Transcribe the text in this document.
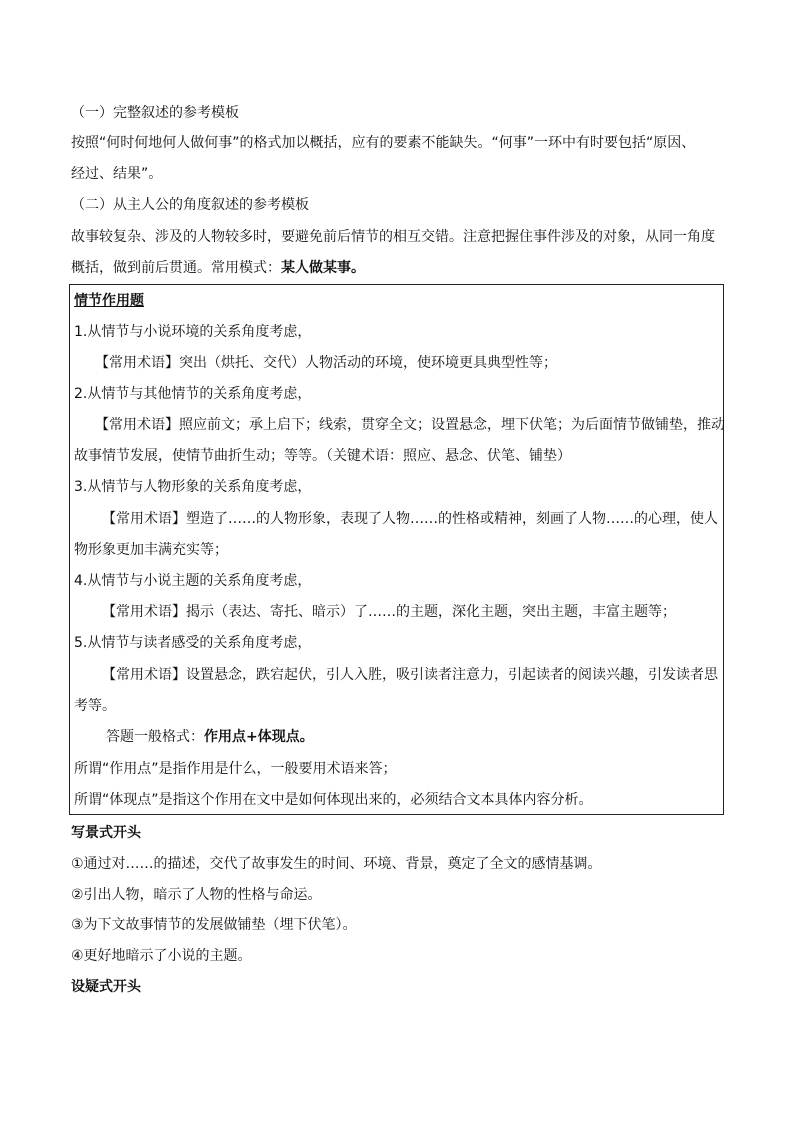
（一）完整叙述的参考模板
按照“何时何地何人做何事”的格式加以概括，应有的要素不能缺失。“何事”一环中有时要包括“原因、
经过、结果”。
（二）从主人公的角度叙述的参考模板
故事较复杂、涉及的人物较多时，要避免前后情节的相互交错。注意把握住事件涉及的对象，从同一角度
概括，做到前后贯通。常用模式：某人做某事。
情节作用题
1.从情节与小说环境的关系角度考虑，
【常用术语】突出（烘托、交代）人物活动的环境，使环境更具典型性等；
2.从情节与其他情节的关系角度考虑，
【常用术语】照应前文；承上启下；线索，贯穿全文；设置悬念，埋下伏笔；为后面情节做铺垫，推动
故事情节发展，使情节曲折生动；等等。（关键术语：照应、悬念、伏笔、铺垫）
3.从情节与人物形象的关系角度考虑，
【常用术语】塑造了……的人物形象，表现了人物……的性格或精神，刻画了人物……的心理，使人
物形象更加丰满充实等；
4.从情节与小说主题的关系角度考虑，
【常用术语】揭示（表达、寄托、暗示）了……的主题，深化主题，突出主题，丰富主题等；
5.从情节与读者感受的关系角度考虑，
【常用术语】设置悬念，跌宕起伏，引人入胜，吸引读者注意力，引起读者的阅读兴趣，引发读者思
考等。
答题一般格式：作用点+体现点。
所谓“作用点”是指作用是什么，一般要用术语来答；
所谓“体现点”是指这个作用在文中是如何体现出来的，必须结合文本具体内容分析。
写景式开头
①通过对……的描述，交代了故事发生的时间、环境、背景，奠定了全文的感情基调。
②引出人物，暗示了人物的性格与命运。
③为下文故事情节的发展做铺垫（埋下伏笔）。
④更好地暗示了小说的主题。
设疑式开头
